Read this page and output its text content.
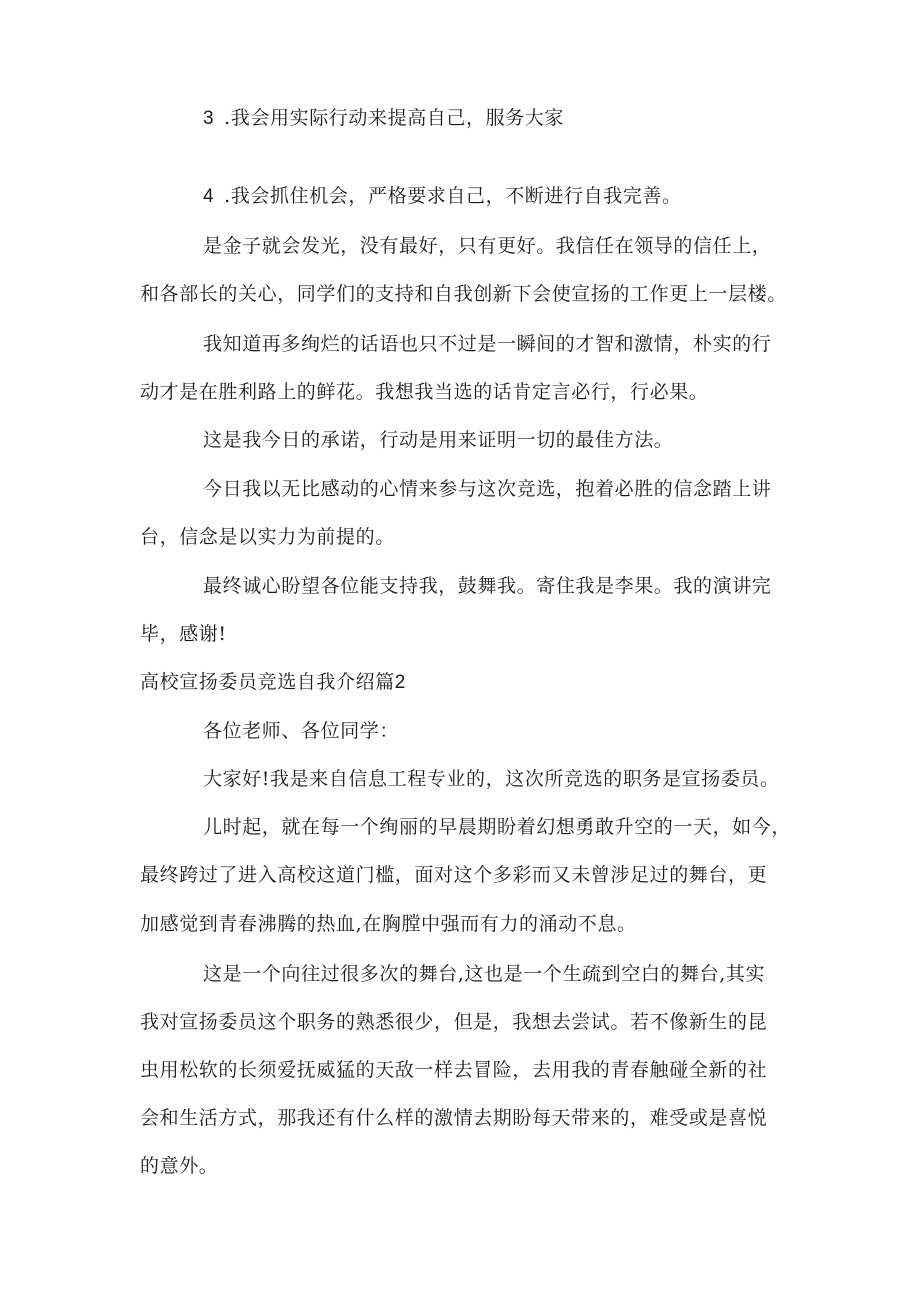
3 .我会用实际行动来提高自己，服务大家
4 .我会抓住机会，严格要求自己，不断进行自我完善。
是金子就会发光，没有最好，只有更好。我信任在领导的信任上，
和各部长的关心，同学们的支持和自我创新下会使宣扬的工作更上一层楼。
我知道再多绚烂的话语也只不过是一瞬间的才智和激情，朴实的行
动才是在胜利路上的鲜花。我想我当选的话肯定言必行，行必果。
这是我今日的承诺，行动是用来证明一切的最佳方法。
今日我以无比感动的心情来参与这次竞选，抱着必胜的信念踏上讲
台，信念是以实力为前提的。
最终诚心盼望各位能支持我，鼓舞我。寄住我是李果。我的演讲完
毕，感谢!
高校宣扬委员竞选自我介绍篇2
各位老师、各位同学：
大家好!我是来自信息工程专业的，这次所竞选的职务是宣扬委员。
儿时起，就在每一个绚丽的早晨期盼着幻想勇敢升空的一天，如今，
最终跨过了进入高校这道门槛，面对这个多彩而又未曾涉足过的舞台，更
加感觉到青春沸腾的热血,在胸膛中强而有力的涌动不息。
这是一个向往过很多次的舞台,这也是一个生疏到空白的舞台,其实
我对宣扬委员这个职务的熟悉很少，但是，我想去尝试。若不像新生的昆
虫用松软的长须爱抚威猛的天敌一样去冒险，去用我的青春触碰全新的社
会和生活方式，那我还有什么样的激情去期盼每天带来的，难受或是喜悦
的意外。
